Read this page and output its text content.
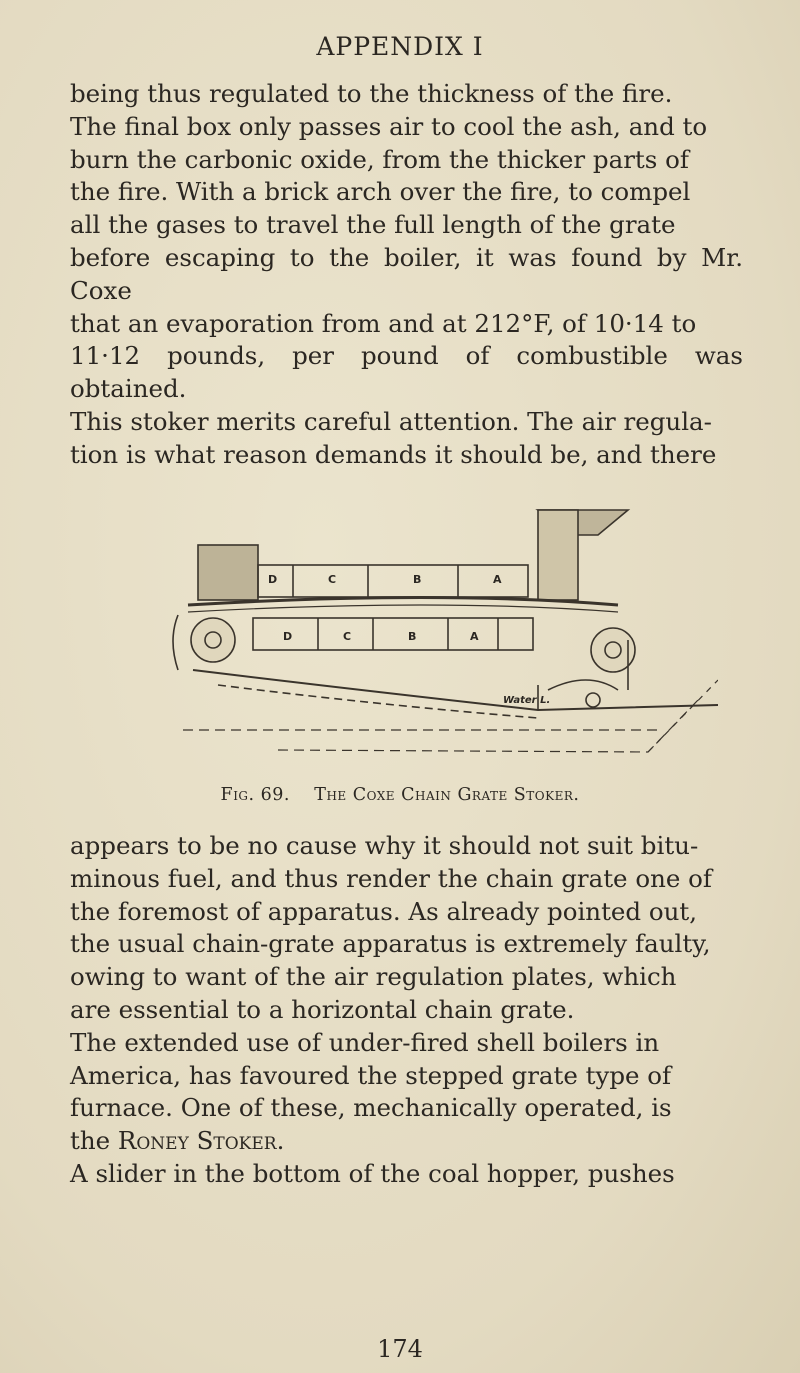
APPENDIX I

being thus regulated to the thickness of the fire.

The final box only passes air to cool the ash, and to

burn the carbonic oxide, from the thicker parts of

the fire. With a brick arch over the fire, to compel

all the gases to travel the full length of the grate

before escaping to the boiler, it was found by Mr. Coxe

that an evaporation from and at 212°F, of 10·14 to

11·12 pounds, per pound of combustible was obtained.

This stoker merits careful attention. The air regula-

tion is what reason demands it should be, and there

D	C	B	A
D	C	B	A
Water L.
Fig. 69. The Coxe Chain Grate Stoker.

appears to be no cause why it should not suit bitu-

minous fuel, and thus render the chain grate one of

the foremost of apparatus. As already pointed out,

the usual chain-grate apparatus is extremely faulty,

owing to want of the air regulation plates, which

are essential to a horizontal chain grate.

The extended use of under-fired shell boilers in

America, has favoured the stepped grate type of

furnace. One of these, mechanically operated, is

the Roney Stoker.

A slider in the bottom of the coal hopper, pushes

174
